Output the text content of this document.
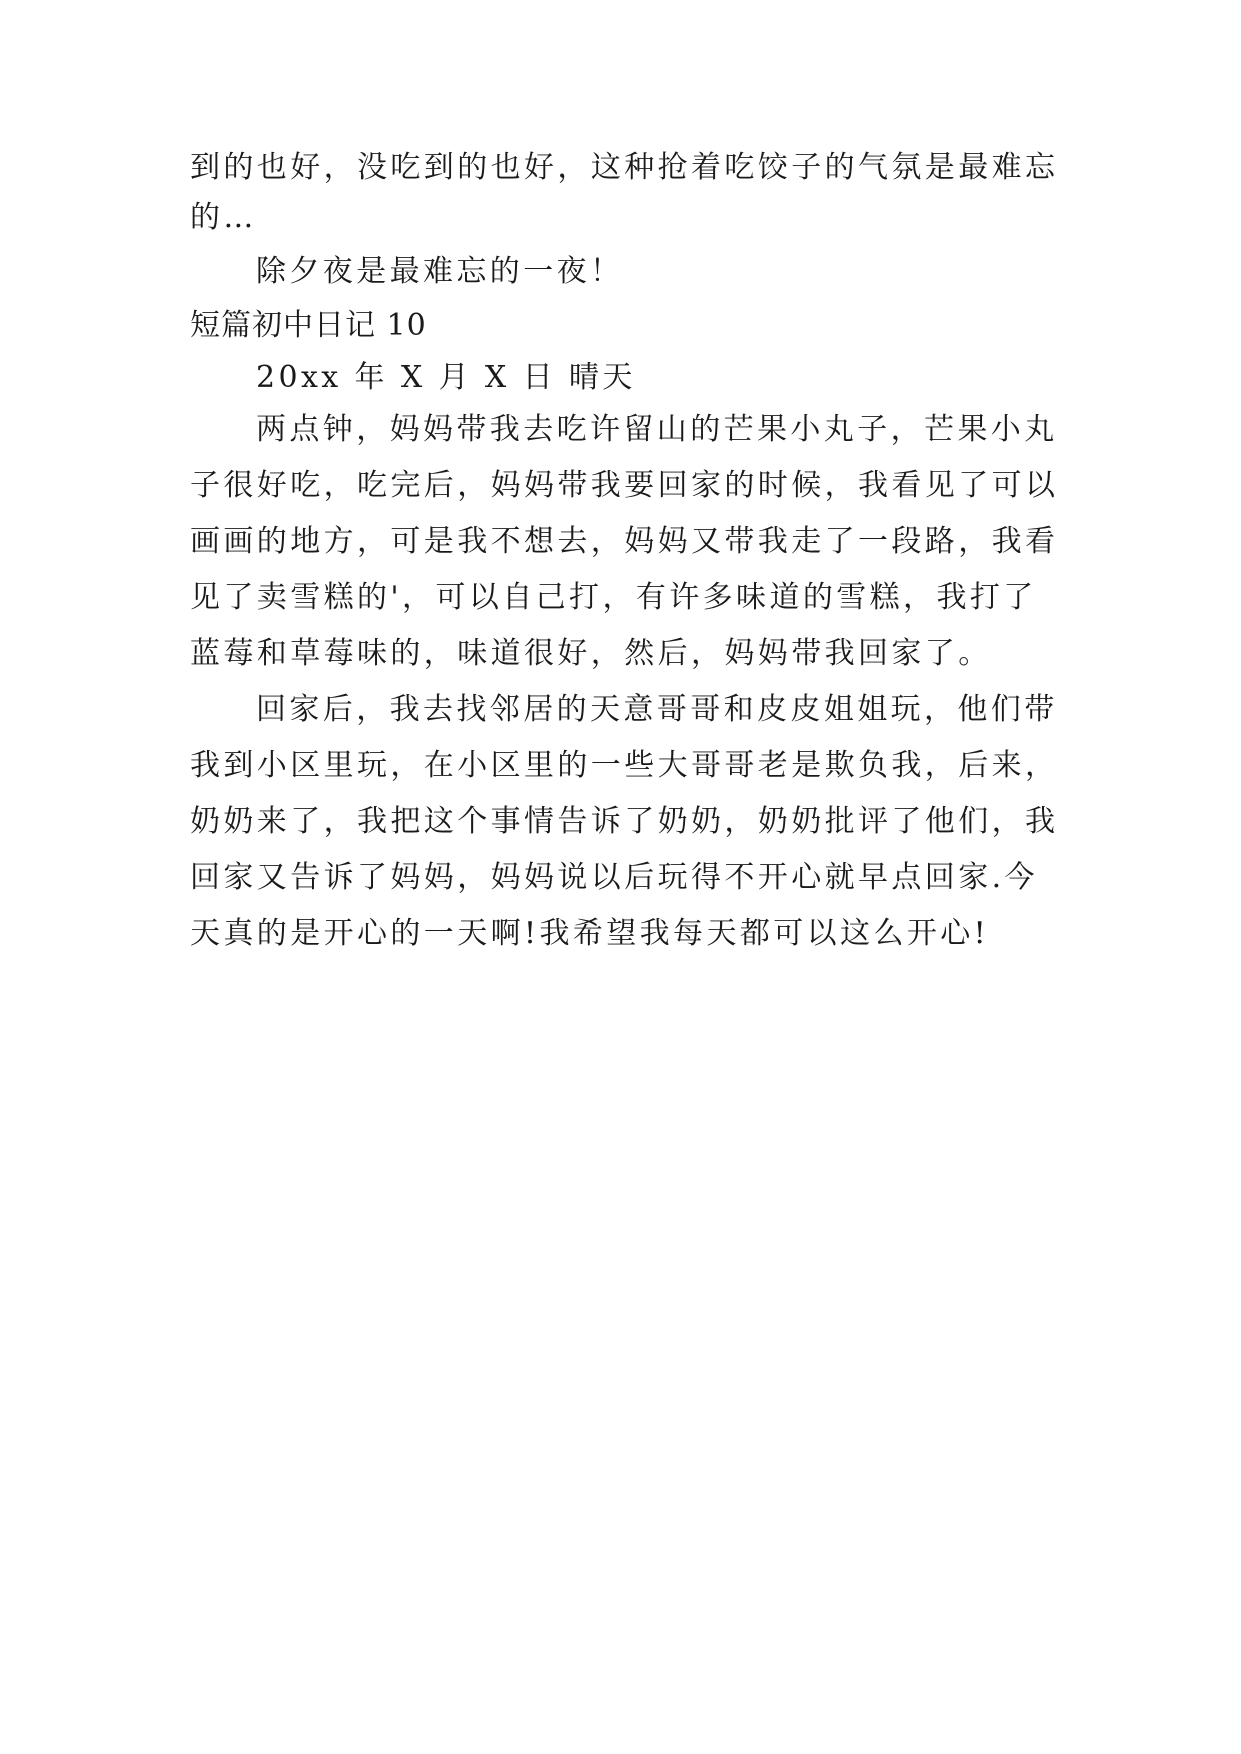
到的也好，没吃到的也好，这种抢着吃饺子的气氛是最难忘
的…
除夕夜是最难忘的一夜！
短篇初中日记 10
20xx 年 X 月 X 日 晴天
两点钟，妈妈带我去吃许留山的芒果小丸子，芒果小丸
子很好吃，吃完后，妈妈带我要回家的时候，我看见了可以
画画的地方，可是我不想去，妈妈又带我走了一段路，我看
见了卖雪糕的'，可以自己打，有许多味道的雪糕，我打了
蓝莓和草莓味的，味道很好，然后，妈妈带我回家了。
回家后，我去找邻居的天意哥哥和皮皮姐姐玩，他们带
我到小区里玩，在小区里的一些大哥哥老是欺负我，后来，
奶奶来了，我把这个事情告诉了奶奶，奶奶批评了他们，我
回家又告诉了妈妈，妈妈说以后玩得不开心就早点回家.今
天真的是开心的一天啊!我希望我每天都可以这么开心!
